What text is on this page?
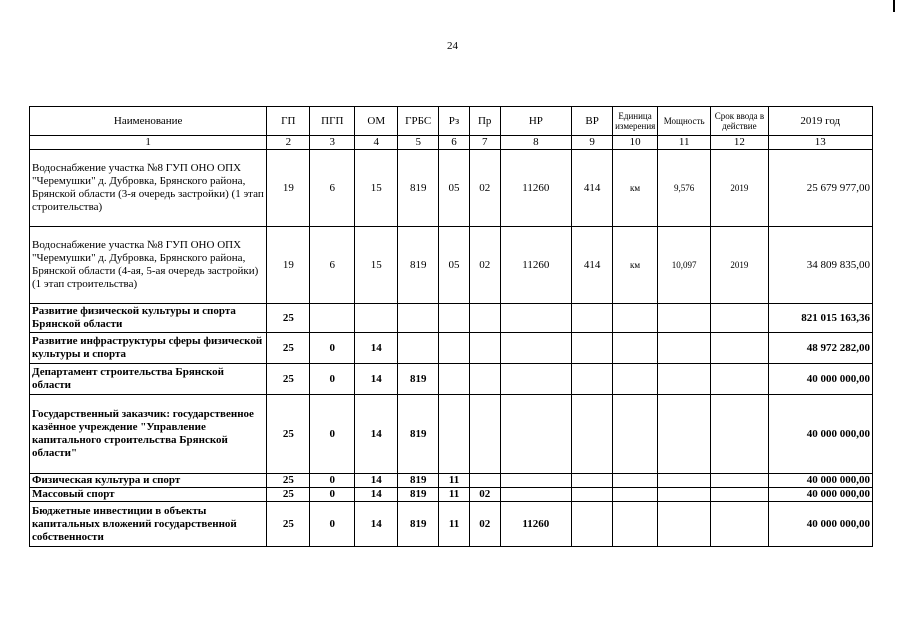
24
Наименование	ГП	ПГП	ОМ	ГРБС	Рз	Пр	НР	ВР	Единица измерения	Мощность	Срок ввода в действие	2019 год
1	2	3	4	5	6	7	8	9	10	11	12	13
Водоснабжение участка №8 ГУП ОНО ОПХ "Черемушки" д. Дубровка, Брянского района, Брянской области (3-я очередь застройки) (1 этап строительства)	19	6	15	819	05	02	11260	414	км	9,576	2019	25 679 977,00
Водоснабжение участка №8 ГУП ОНО ОПХ "Черемушки" д. Дубровка, Брянского района, Брянской области (4-ая, 5-ая очередь застройки) (1 этап строительства)	19	6	15	819	05	02	11260	414	км	10,097	2019	34 809 835,00
Развитие физической культуры и спорта Брянской области	25											821 015 163,36
Развитие инфраструктуры сферы физической культуры и спорта	25	0	14									48 972 282,00
Департамент строительства Брянской области	25	0	14	819								40 000 000,00
Государственный заказчик: государственное казённое учреждение "Управление капитального строительства Брянской области"	25	0	14	819								40 000 000,00
Физическая культура и спорт	25	0	14	819	11							40 000 000,00
Массовый спорт	25	0	14	819	11	02						40 000 000,00
Бюджетные инвестиции в объекты капитальных вложений государственной собственности	25	0	14	819	11	02	11260					40 000 000,00
